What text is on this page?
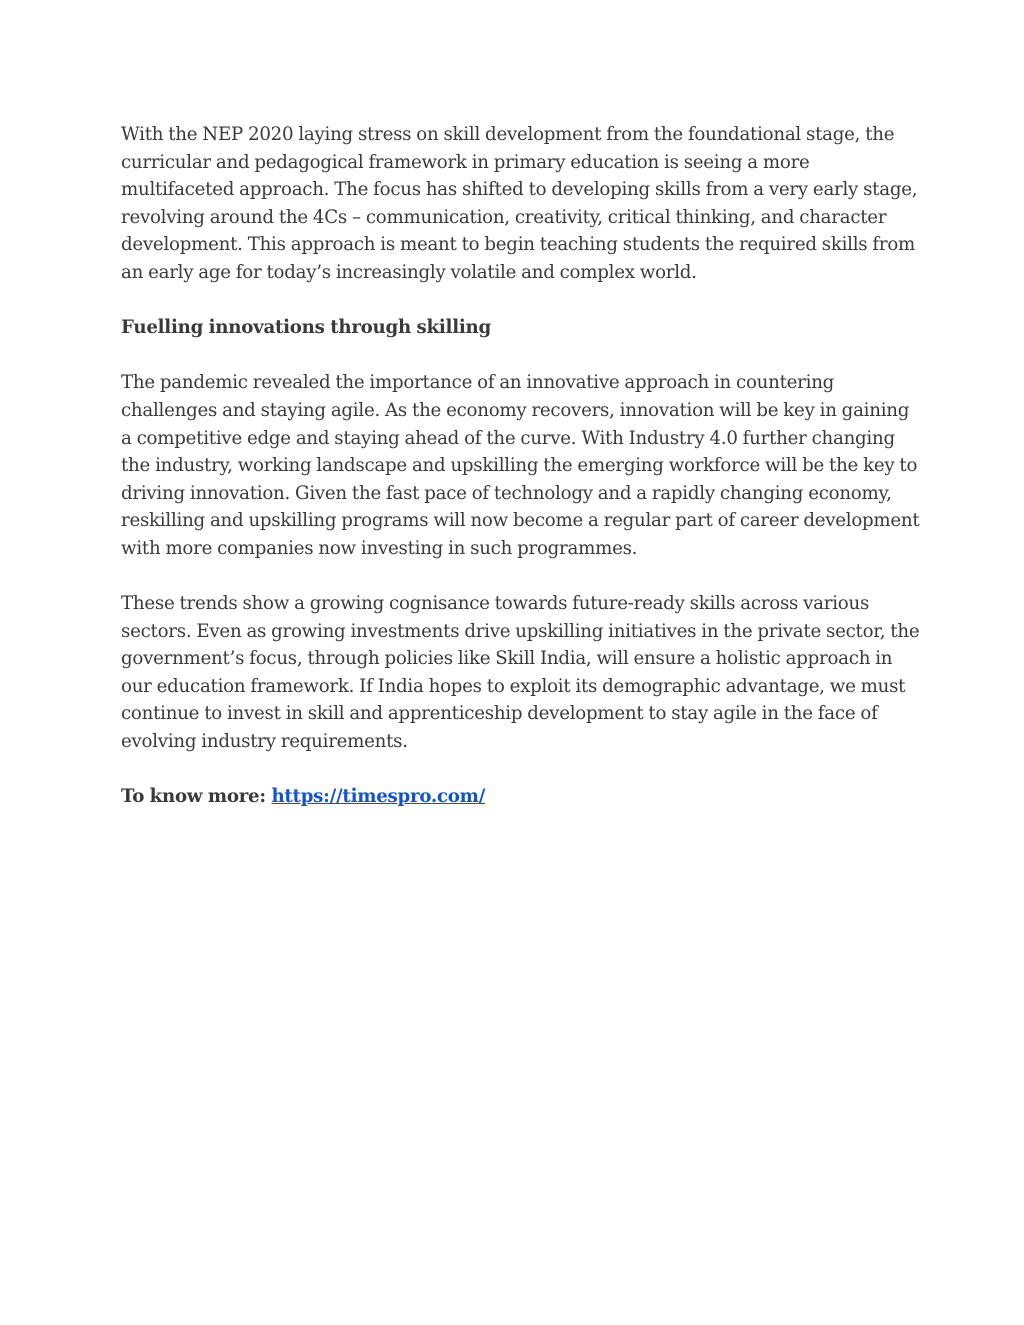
With the NEP 2020 laying stress on skill development from the foundational stage, the curricular and pedagogical framework in primary education is seeing a more multifaceted approach. The focus has shifted to developing skills from a very early stage, revolving around the 4Cs – communication, creativity, critical thinking, and character development. This approach is meant to begin teaching students the required skills from an early age for today’s increasingly volatile and complex world.

Fuelling innovations through skilling

The pandemic revealed the importance of an innovative approach in countering challenges and staying agile. As the economy recovers, innovation will be key in gaining a competitive edge and staying ahead of the curve. With Industry 4.0 further changing the industry, working landscape and upskilling the emerging workforce will be the key to driving innovation. Given the fast pace of technology and a rapidly changing economy, reskilling and upskilling programs will now become a regular part of career development with more companies now investing in such programmes.

These trends show a growing cognisance towards future-ready skills across various sectors. Even as growing investments drive upskilling initiatives in the private sector, the government’s focus, through policies like Skill India, will ensure a holistic approach in our education framework. If India hopes to exploit its demographic advantage, we must continue to invest in skill and apprenticeship development to stay agile in the face of evolving industry requirements.

To know more: https://timespro.com/
